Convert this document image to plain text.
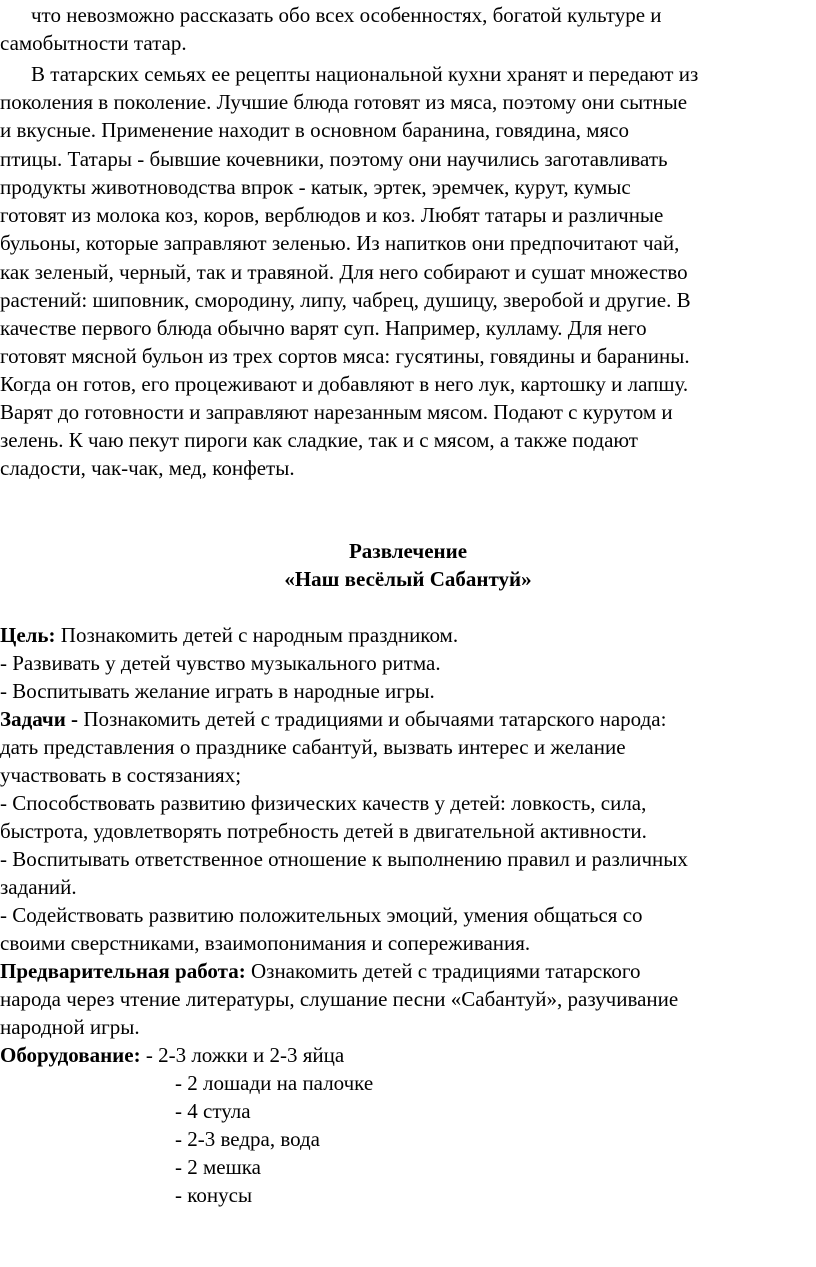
что невозможно рассказать обо всех особенностях, богатой культуре и
самобытности татар.
В татарских семьях ее рецепты национальной кухни хранят и передают из
поколения в поколение. Лучшие блюда готовят из мяса, поэтому они сытные
и вкусные. Применение находит в основном баранина, говядина, мясо
птицы. Татары - бывшие кочевники, поэтому они научились заготавливать
продукты животноводства впрок - катык, эртек, эремчек, курут, кумыс
готовят из молока коз, коров, верблюдов и коз. Любят татары и различные
бульоны, которые заправляют зеленью. Из напитков они предпочитают чай,
как зеленый, черный, так и травяной. Для него собирают и сушат множество
растений: шиповник, смородину, липу, чабрец, душицу, зверобой и другие. В
качестве первого блюда обычно варят суп. Например, кулламу. Для него
готовят мясной бульон из трех сортов мяса: гусятины, говядины и баранины.
Когда он готов, его процеживают и добавляют в него лук, картошку и лапшу.
Варят до готовности и заправляют нарезанным мясом. Подают с курутом и
зелень. К чаю пекут пироги как сладкие, так и с мясом, а также подают
сладости, чак-чак, мед, конфеты.
Развлечение
«Наш весёлый Сабантуй»
Цель: Познакомить детей с народным праздником.
- Развивать у детей чувство музыкального ритма.
- Воспитывать желание играть в народные игры.
Задачи - Познакомить детей с традициями и обычаями татарского народа:
дать представления о празднике сабантуй, вызвать интерес и желание
участвовать в состязаниях;
- Способствовать развитию физических качеств у детей: ловкость, сила,
быстрота, удовлетворять потребность детей в двигательной активности.
- Воспитывать ответственное отношение к выполнению правил и различных
заданий.
- Содействовать развитию положительных эмоций, умения общаться со
своими сверстниками, взаимопонимания и сопереживания.
Предварительная работа: Ознакомить детей с традициями татарского
народа через чтение литературы, слушание песни «Сабантуй», разучивание
народной игры.
Оборудование: - 2-3 ложки и 2-3 яйца
- 2 лошади на палочке
- 4 стула
- 2-3 ведра, вода
- 2 мешка
- конусы
